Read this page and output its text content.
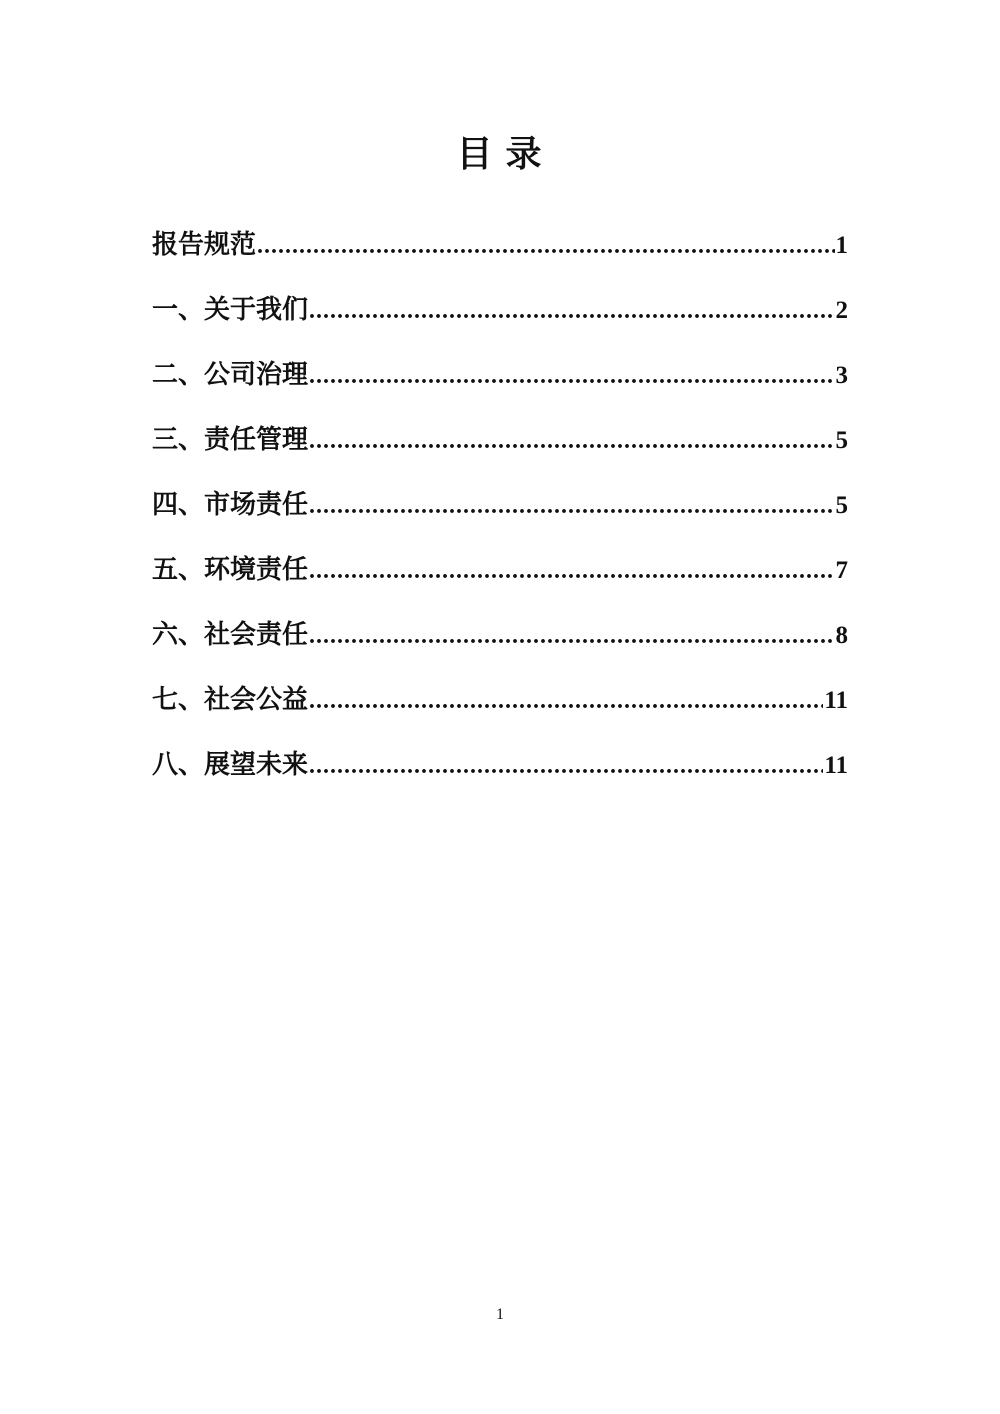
目 录
报告规范 .....	1
一、关于我们 .....	2
二、公司治理 .....	3
三、责任管理 .....	5
四、市场责任 .....	5
五、环境责任 .....	7
六、社会责任 .....	8
七、社会公益 .....	11
八、展望未来 .....	11
1
